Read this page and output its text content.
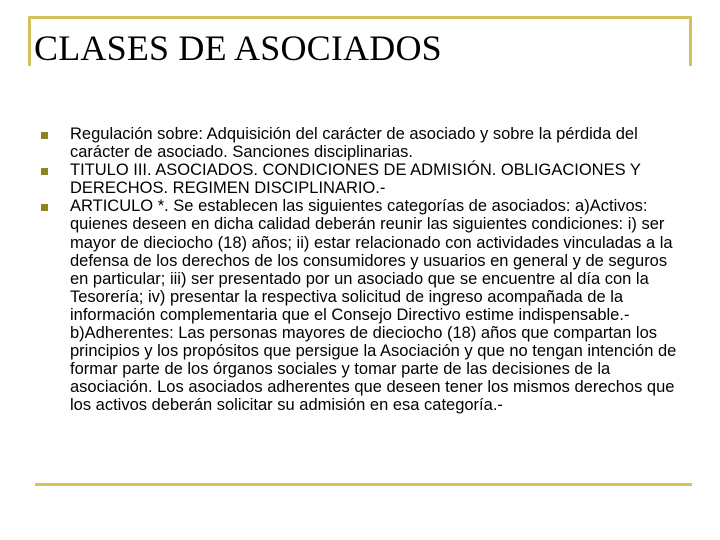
CLASES DE ASOCIADOS
Regulación sobre: Adquisición del carácter de asociado y sobre la pérdida del carácter de asociado. Sanciones disciplinarias.
TITULO III. ASOCIADOS. CONDICIONES DE ADMISIÓN. OBLIGACIONES Y DERECHOS. REGIMEN DISCIPLINARIO.-
ARTICULO *. Se establecen las siguientes categorías de asociados: a)Activos: quienes deseen en dicha calidad deberán reunir las siguientes condiciones: i) ser mayor de dieciocho (18) años; ii) estar relacionado con actividades vinculadas a la defensa de los derechos de los consumidores y usuarios en general y de seguros en particular; iii) ser presentado por un asociado que se encuentre al día con la Tesorería; iv) presentar la respectiva solicitud de ingreso acompañada de la información complementaria que el Consejo Directivo estime indispensable.- b)Adherentes: Las personas mayores de dieciocho (18) años que compartan los principios y los propósitos que persigue la Asociación y que no tengan intención de formar parte de los órganos sociales y tomar parte de las decisiones de la asociación. Los asociados adherentes que deseen tener los mismos derechos que los activos deberán solicitar su admisión en esa categoría.-
